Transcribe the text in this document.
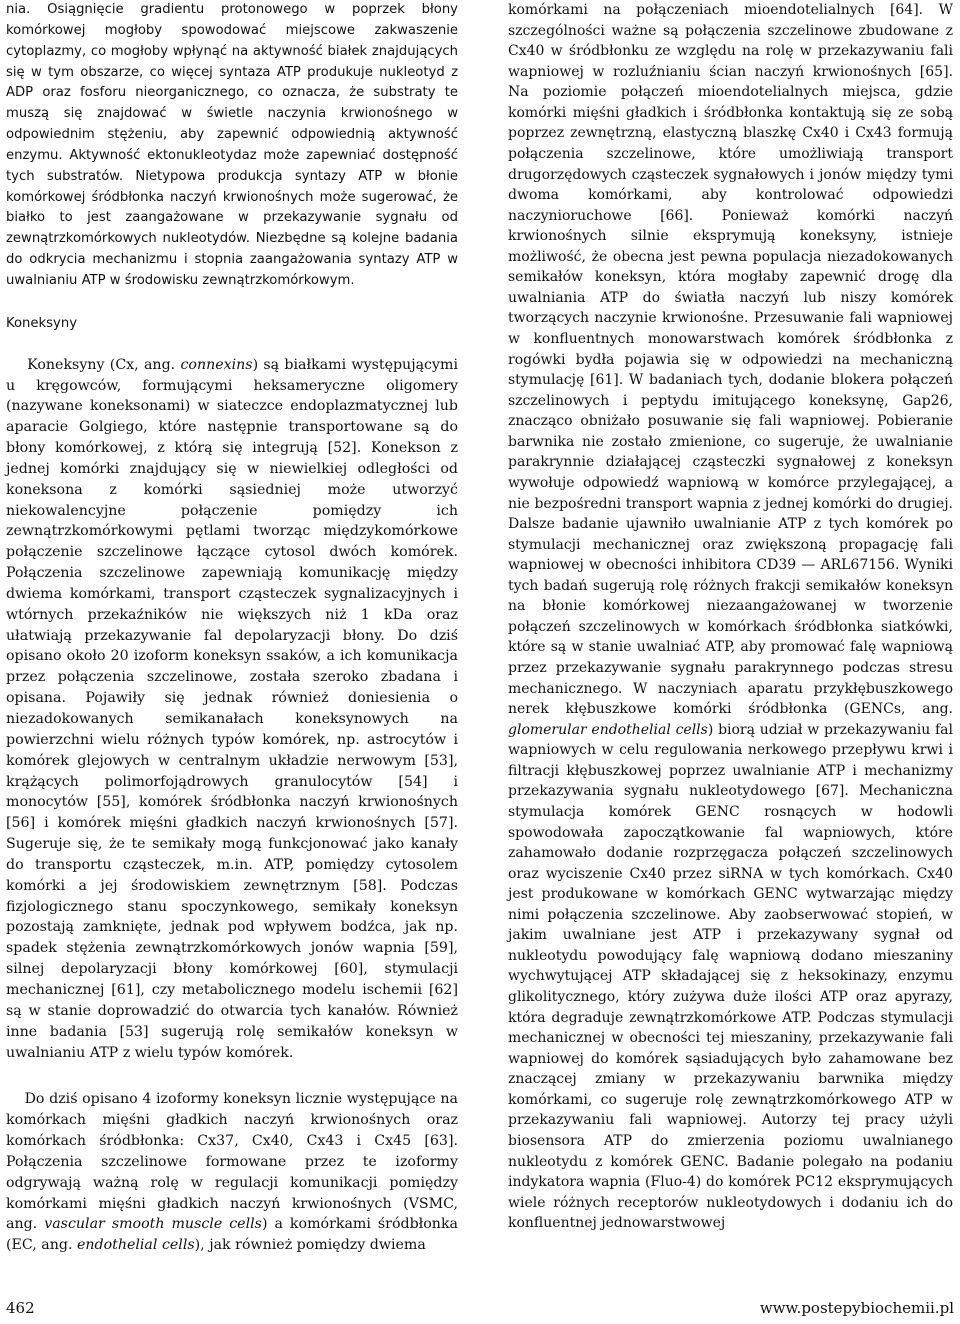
nia. Osiągnięcie gradientu protonowego w poprzek błony komórkowej mogłoby spowodować miejscowe zakwaszenie cytoplazmy, co mogłoby wpłynąć na aktywność białek znajdujących się w tym obszarze, co więcej syntaza ATP produkuje nukleotyd z ADP oraz fosforu nieorganicznego, co oznacza, że substraty te muszą się znajdować w świetle naczynia krwionośnego w odpowiednim stężeniu, aby zapewnić odpowiednią aktywność enzymu. Aktywność ektonukleotydaz może zapewniać dostępność tych substratów. Nietypowa produkcja syntazy ATP w błonie komórkowej śródbłonka naczyń krwionośnych może sugerować, że białko to jest zaangażowane w przekazywanie sygnału od zewnątrzkomórkowych nukleotydów. Niezbędne są kolejne badania do odkrycia mechanizmu i stopnia zaangażowania syntazy ATP w uwalnianiu ATP w środowisku zewnątrzkomórkowym.

Koneksyny

Koneksyny (Cx, ang. connexins) są białkami występującymi u kręgowców, formującymi heksameryczne oligomery (nazywane koneksonami) w siateczce endoplazmatycznej lub aparacie Golgiego, które następnie transportowane są do błony komórkowej, z którą się integrują [52]. Konekson z jednej komórki znajdujący się w niewielkiej odległości od koneksona z komórki sąsiedniej może utworzyć niekowalencyjne połączenie pomiędzy ich zewnątrzkomórkowymi pętlami tworząc międzykomórkowe połączenie szczelinowe łączące cytosol dwóch komórek. Połączenia szczelinowe zapewniają komunikację między dwiema komórkami, transport cząsteczek sygnalizacyjnych i wtórnych przekaźników nie większych niż 1 kDa oraz ułatwiają przekazywanie fal depolaryzacji błony. Do dziś opisano około 20 izoform koneksyn ssaków, a ich komunikacja przez połączenia szczelinowe, została szeroko zbadana i opisana. Pojawiły się jednak również doniesienia o niezadokowanych semikanałach koneksynowych na powierzchni wielu różnych typów komórek, np. astrocytów i komórek glejowych w centralnym układzie nerwowym [53], krążących polimorfojądrowych granulocytów [54] i monocytów [55], komórek śródbłonka naczyń krwionośnych [56] i komórek mięśni gładkich naczyń krwionośnych [57]. Sugeruje się, że te semikały mogą funkcjonować jako kanały do transportu cząsteczek, m.in. ATP, pomiędzy cytosolem komórki a jej środowiskiem zewnętrznym [58]. Podczas fizjologicznego stanu spoczynkowego, semikały koneksyn pozostają zamknięte, jednak pod wpływem bodźca, jak np. spadek stężenia zewnątrzkomórkowych jonów wapnia [59], silnej depolaryzacji błony komórkowej [60], stymulacji mechanicznej [61], czy metabolicznego modelu ischemii [62] są w stanie doprowadzić do otwarcia tych kanałów. Również inne badania [53] sugerują rolę semikałów koneksyn w uwalnianiu ATP z wielu typów komórek.

Do dziś opisano 4 izoformy koneksyn licznie występujące na komórkach mięśni gładkich naczyń krwionośnych oraz komórkach śródbłonka: Cx37, Cx40, Cx43 i Cx45 [63]. Połączenia szczelinowe formowane przez te izoformy odgrywają ważną rolę w regulacji komunikacji pomiędzy komórkami mięśni gładkich naczyń krwionośnych (VSMC, ang. vascular smooth muscle cells) a komórkami śródbłonka (EC, ang. endothelial cells), jak również pomiędzy dwiema

komórkami na połączeniach mioendotelialnych [64]. W szczególności ważne są połączenia szczelinowe zbudowane z Cx40 w śródbłonku ze względu na rolę w przekazywaniu fali wapniowej w rozluźnianiu ścian naczyń krwionośnych [65]. Na poziomie połączeń mioendotelialnych miejsca, gdzie komórki mięśni gładkich i śródbłonka kontaktują się ze sobą poprzez zewnętrzną, elastyczną blaszkę Cx40 i Cx43 formują połączenia szczelinowe, które umożliwiają transport drugorzędowych cząsteczek sygnałowych i jonów między tymi dwoma komórkami, aby kontrolować odpowiedzi naczynioruchowe [66]. Ponieważ komórki naczyń krwionośnych silnie eksprymują koneksyny, istnieje możliwość, że obecna jest pewna populacja niezadokowanych semikałów koneksyn, która mogłaby zapewnić drogę dla uwalniania ATP do światła naczyń lub niszy komórek tworzących naczynie krwionośne. Przesuwanie fali wapniowej w konfluentnych monowarstwach komórek śródbłonka z rogówki bydła pojawia się w odpowiedzi na mechaniczną stymulację [61]. W badaniach tych, dodanie blokera połączeń szczelinowych i peptydu imitującego koneksynę, Gap26, znacząco obniżało posuwanie się fali wapniowej. Pobieranie barwnika nie zostało zmienione, co sugeruje, że uwalnianie parakrynnie działającej cząsteczki sygnałowej z koneksyn wywołuje odpowiedź wapniową w komórce przylegającej, a nie bezpośredni transport wapnia z jednej komórki do drugiej. Dalsze badanie ujawniło uwalnianie ATP z tych komórek po stymulacji mechanicznej oraz zwiększoną propagację fali wapniowej w obecności inhibitora CD39 — ARL67156. Wyniki tych badań sugerują rolę różnych frakcji semikałów koneksyn na błonie komórkowej niezaangażowanej w tworzenie połączeń szczelinowych w komórkach śródbłonka siatkówki, które są w stanie uwalniać ATP, aby promować falę wapniową przez przekazywanie sygnału parakrynnego podczas stresu mechanicznego. W naczyniach aparatu przykłębuszkowego nerek kłębuszkowe komórki śródbłonka (GENCs, ang. glomerular endothelial cells) biorą udział w przekazywaniu fal wapniowych w celu regulowania nerkowego przepływu krwi i filtracji kłębuszkowej poprzez uwalnianie ATP i mechanizmy przekazywania sygnału nukleotydowego [67]. Mechaniczna stymulacja komórek GENC rosnących w hodowli spowodowała zapoczątkowanie fal wapniowych, które zahamowało dodanie rozprzęgacza połączeń szczelinowych oraz wyciszenie Cx40 przez siRNA w tych komórkach. Cx40 jest produkowane w komórkach GENC wytwarzając między nimi połączenia szczelinowe. Aby zaobserwować stopień, w jakim uwalniane jest ATP i przekazywany sygnał od nukleotydu powodujący falę wapniową dodano mieszaniny wychwytującej ATP składającej się z heksokinazy, enzymu glikolitycznego, który zużywa duże ilości ATP oraz apyrazy, która degraduje zewnątrzkomórkowe ATP. Podczas stymulacji mechanicznej w obecności tej mieszaniny, przekazywanie fali wapniowej do komórek sąsiadujących było zahamowane bez znaczącej zmiany w przekazywaniu barwnika między komórkami, co sugeruje rolę zewnątrzkomórkowego ATP w przekazywaniu fali wapniowej. Autorzy tej pracy użyli biosensora ATP do zmierzenia poziomu uwalnianego nukleotydu z komórek GENC. Badanie polegało na podaniu indykatora wapnia (Fluo-4) do komórek PC12 eksprymujących wiele różnych receptorów nukleotydowych i dodaniu ich do konfluentnej jednowarstwowej

462	www.postepybiochemii.pl
